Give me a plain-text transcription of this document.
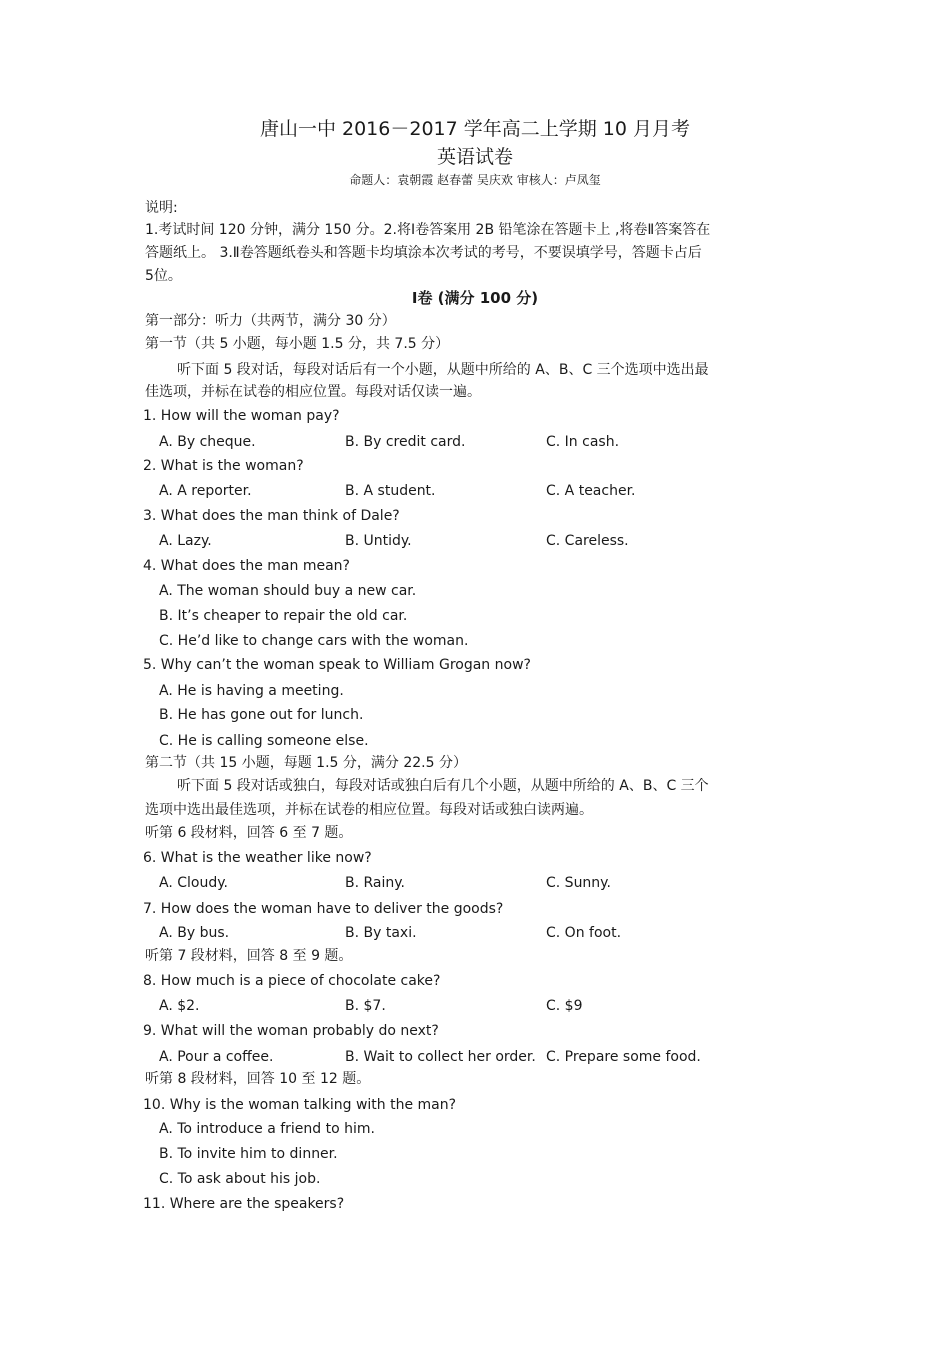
唐山一中 2016－2017 学年高二上学期 10 月月考
英语试卷
命题人：袁朝霞 赵春蕾 吴庆欢 审核人：卢凤玺
说明:
1.考试时间 120 分钟，满分 150 分。2.将Ⅰ卷答案用 2B 铅笔涂在答题卡上 ,将卷Ⅱ答案答在
答题纸上。 3.Ⅱ卷答题纸卷头和答题卡均填涂本次考试的考号，不要误填学号，答题卡占后
5位。
Ⅰ卷 (满分 100 分)
第一部分：听力（共两节，满分 30 分）
第一节（共 5 小题，每小题 1.5 分，共 7.5 分）
听下面 5 段对话，每段对话后有一个小题，从题中所给的 A、B、C 三个选项中选出最
佳选项，并标在试卷的相应位置。每段对话仅读一遍。
1. How will the woman pay?
A. By cheque.	B. By credit card.	C. In cash.
2. What is the woman?
A. A reporter.	B. A student.	C. A teacher.
3. What does the man think of Dale?
A. Lazy.	B. Untidy.	C. Careless.
4. What does the man mean?
A. The woman should buy a new car.
B. It’s cheaper to repair the old car.
C. He’d like to change cars with the woman.
5. Why can’t the woman speak to William Grogan now?
A. He is having a meeting.
B. He has gone out for lunch.
C. He is calling someone else.
第二节（共 15 小题，每题 1.5 分，满分 22.5 分）
听下面 5 段对话或独白，每段对话或独白后有几个小题，从题中所给的 A、B、C 三个
选项中选出最佳选项，并标在试卷的相应位置。每段对话或独白读两遍。
听第 6 段材料，回答 6 至 7 题。
6. What is the weather like now?
A. Cloudy.	B. Rainy.	C. Sunny.
7. How does the woman have to deliver the goods?
A. By bus.	B. By taxi.	C. On foot.
听第 7 段材料，回答 8 至 9 题。
8. How much is a piece of chocolate cake?
A. $2.	B. $7.	C. $9
9. What will the woman probably do next?
A. Pour a coffee.	B. Wait to collect her order. C. Prepare some food.
听第 8 段材料，回答 10 至 12 题。
10. Why is the woman talking with the man?
A. To introduce a friend to him.
B. To invite him to dinner.
C. To ask about his job.
11. Where are the speakers?
